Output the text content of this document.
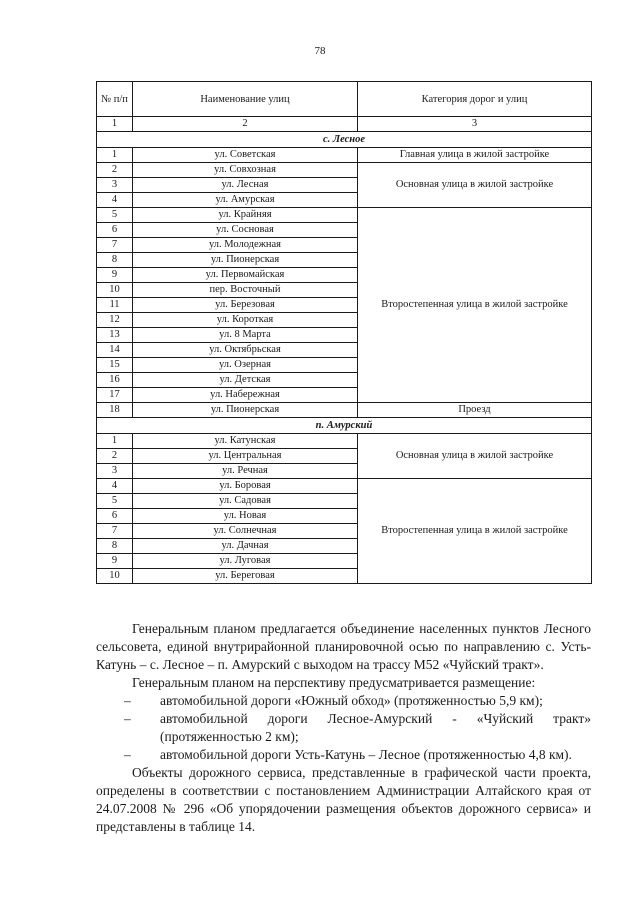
78
№ п/п	Наименование улиц	Категория дорог и улиц
1	2	3
с. Лесное		
1	ул. Советская	Главная улица в жилой застройке
2	ул. Совхозная	Основная улица в жилой застройке
3	ул. Лесная	
4	ул. Амурская	
5	ул. Крайняя	Второстепенная улица в жилой застройке
6	ул. Сосновая	
7	ул. Молодежная	
8	ул. Пионерская	
9	ул. Первомайская	
10	пер. Восточный	
11	ул. Березовая	
12	ул. Короткая	
13	ул. 8 Марта	
14	ул. Октябрьская	
15	ул. Озерная	
16	ул. Детская	
17	ул. Набережная	
18	ул. Пионерская	Проезд
п. Амурский		
1	ул. Катунская	Основная улица в жилой застройке
2	ул. Центральная	
3	ул. Речная	
4	ул. Боровая	Второстепенная улица в жилой застройке
5	ул. Садовая	
6	ул. Новая	
7	ул. Солнечная	
8	ул. Дачная	
9	ул. Луговая	
10	ул. Береговая	

Генеральным планом предлагается объединение населенных пунктов Лесного сельсовета, единой внутрирайонной планировочной осью по направлению с. Усть-Катунь – с. Лесное – п. Амурский с выходом на трассу М52 «Чуйский тракт».

Генеральным планом на перспективу предусматривается размещение:

– автомобильной дороги «Южный обход» (протяженностью 5,9 км);
– автомобильной дороги Лесное-Амурский - «Чуйский тракт» (протяженностью 2 км);
– автомобильной дороги Усть-Катунь – Лесное (протяженностью 4,8 км).

Объекты дорожного сервиса, представленные в графической части проекта, определены в соответствии с постановлением Администрации Алтайского края от 24.07.2008 № 296 «Об упорядочении размещения объектов дорожного сервиса» и представлены в таблице 14.
